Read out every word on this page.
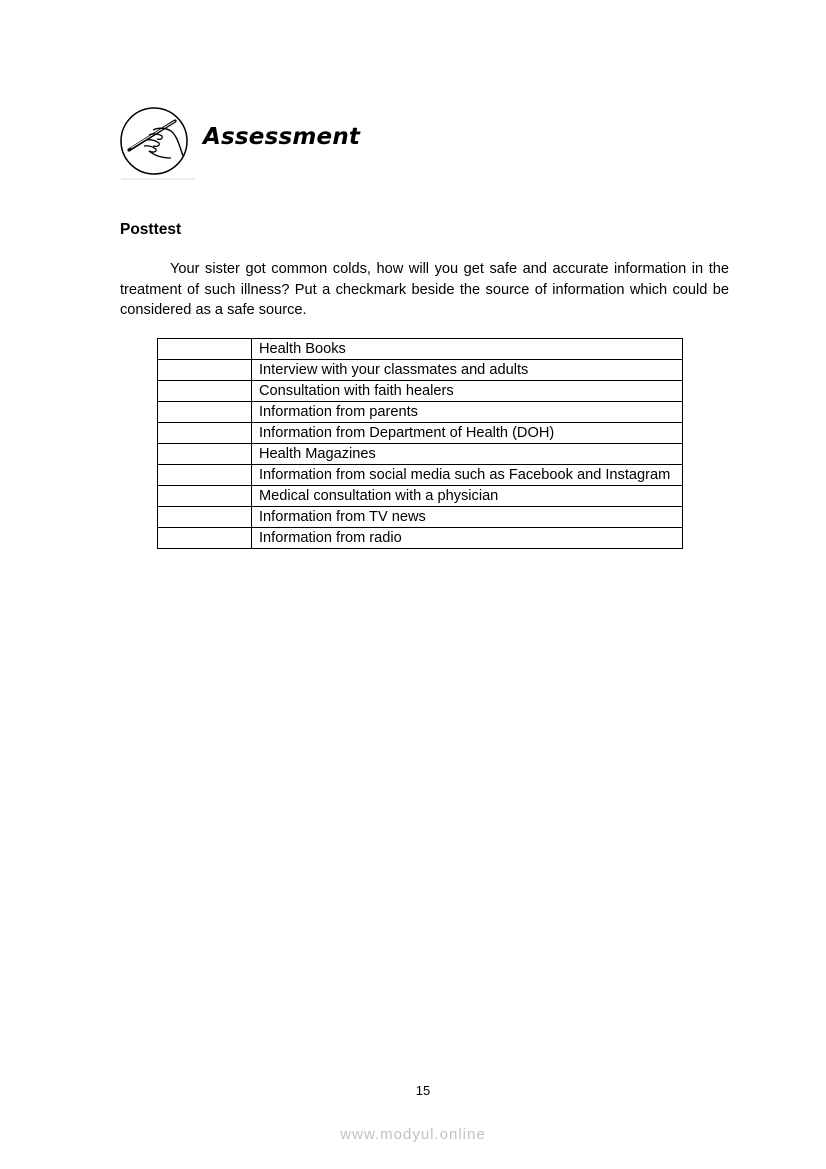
Assessment
Posttest

Your sister got common colds, how will you get safe and accurate information in the treatment of such illness? Put a checkmark beside the source of information which could be considered as a safe source.

	Health Books
	Interview with your classmates and adults
	Consultation with faith healers
	Information from parents
	Information from Department of Health (DOH)
	Health Magazines
	Information from social media such as Facebook and Instagram
	Medical consultation with a physician
	Information from TV news
	Information from radio
15
www.modyul.online
